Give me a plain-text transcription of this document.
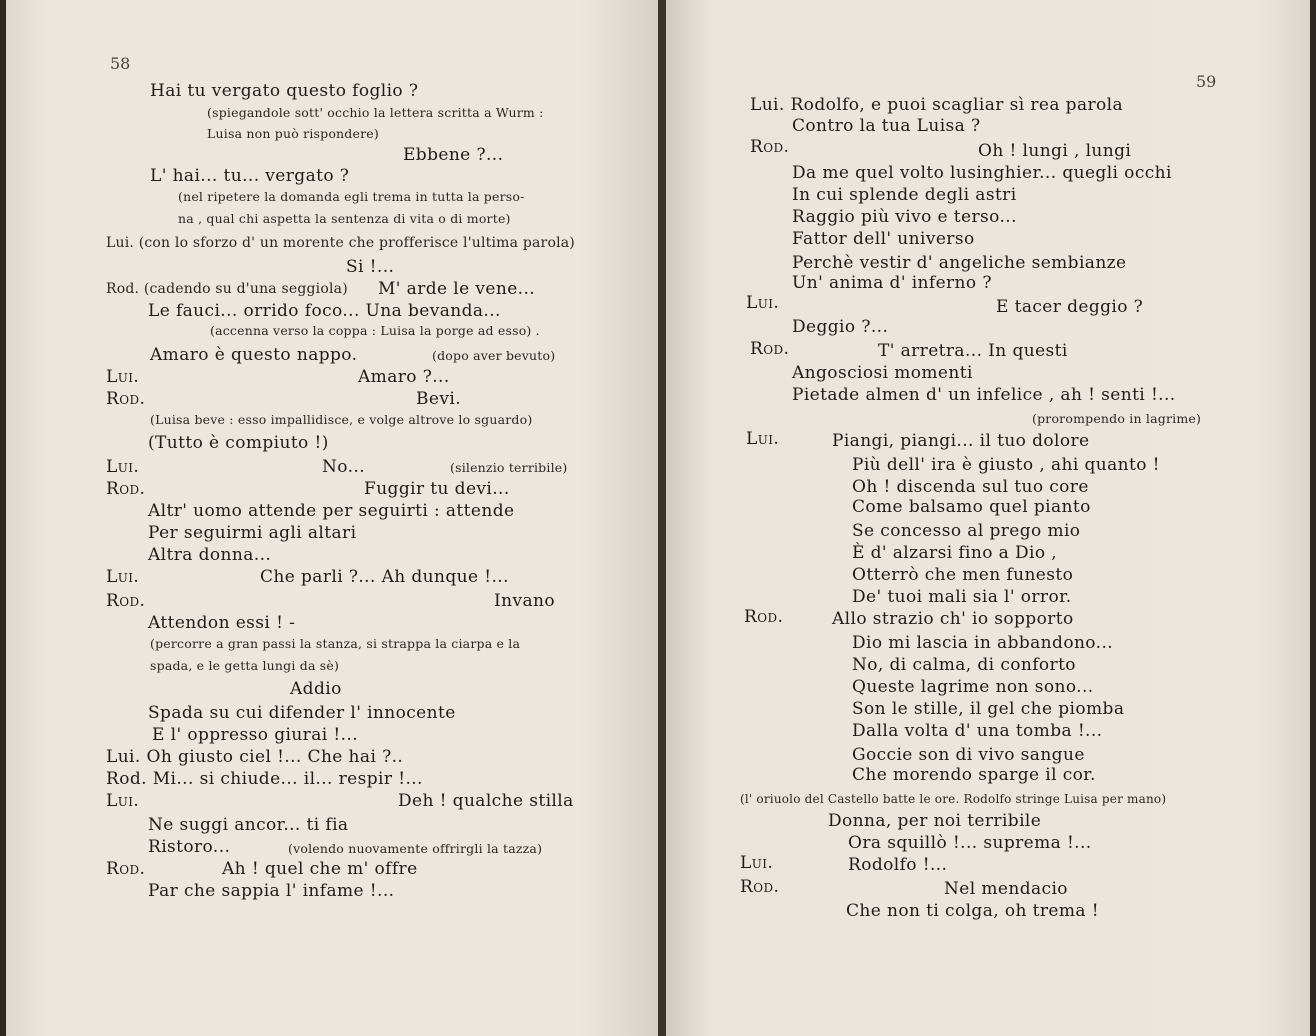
58
59
Hai tu vergato questo foglio ?
(spiegandole sott' occhio la lettera scritta a Wurm :
Luisa non può rispondere)
Ebbene ?...
L' hai... tu... vergato ?
(nel ripetere la domanda egli trema in tutta la perso-
na , qual chi aspetta la sentenza di vita o di morte)
Lui. (con lo sforzo d' un morente che profferisce l'ultima parola)
Si !...
Rod. (cadendo su d'una seggiola) M' arde le vene...
Le fauci... orrido foco... Una bevanda...
(accenna verso la coppa : Luisa la porge ad esso) .
Amaro è questo nappo.	(dopo aver bevuto)
Lui.	Amaro ?...
Rod.	Bevi.
(Luisa beve : esso impallidisce, e volge altrove lo sguardo)
(Tutto è compiuto !)
Lui.	No...	(silenzio terribile)
Rod.	Fuggir tu devi...
Altr' uomo attende per seguirti : attende
Per seguirmi agli altari
Altra donna...
Lui.	Che parli ?... Ah dunque !...
Rod.	Invano
Attendon essi ! -
(percorre a gran passi la stanza, si strappa la ciarpa e la
spada, e le getta lungi da sè)
Addio
Spada su cui difender l' innocente
E l' oppresso giurai !...
Lui. Oh giusto ciel !... Che hai ?..
Rod. Mi... si chiude... il... respir !...
Lui.	Deh ! qualche stilla
Ne suggi ancor... ti fia
Ristoro...	(volendo nuovamente offrirgli la tazza)
Rod.	Ah ! quel che m' offre
Par che sappia l' infame !...
Lui. Rodolfo, e puoi scagliar sì rea parola
Contro la tua Luisa ?
Rod.	Oh ! lungi , lungi
Da me quel volto lusinghier... quegli occhi
In cui splende degli astri
Raggio più vivo e terso...
Fattor dell' universo
Perchè vestir d' angeliche sembianze
Un' anima d' inferno ?
Lui.	E tacer deggio ?
Deggio ?...
Rod.	T' arretra... In questi
Angosciosi momenti
Pietade almen d' un infelice , ah ! senti !...
(prorompendo in lagrime)
Lui.	Piangi, piangi... il tuo dolore
Più dell' ira è giusto , ahi quanto !
Oh ! discenda sul tuo core
Come balsamo quel pianto
Se concesso al prego mio
È d' alzarsi fino a Dio ,
Otterrò che men funesto
De' tuoi mali sia l' orror.
Rod.	Allo strazio ch' io sopporto
Dio mi lascia in abbandono...
No, di calma, di conforto
Queste lagrime non sono...
Son le stille, il gel che piomba
Dalla volta d' una tomba !...
Goccie son di vivo sangue
Che morendo sparge il cor.
(l' oriuolo del Castello batte le ore. Rodolfo stringe Luisa per mano)
Donna, per noi terribile
Ora squillò !... suprema !...
Lui.	Rodolfo !...
Rod.	Nel mendacio
Che non ti colga, oh trema !
